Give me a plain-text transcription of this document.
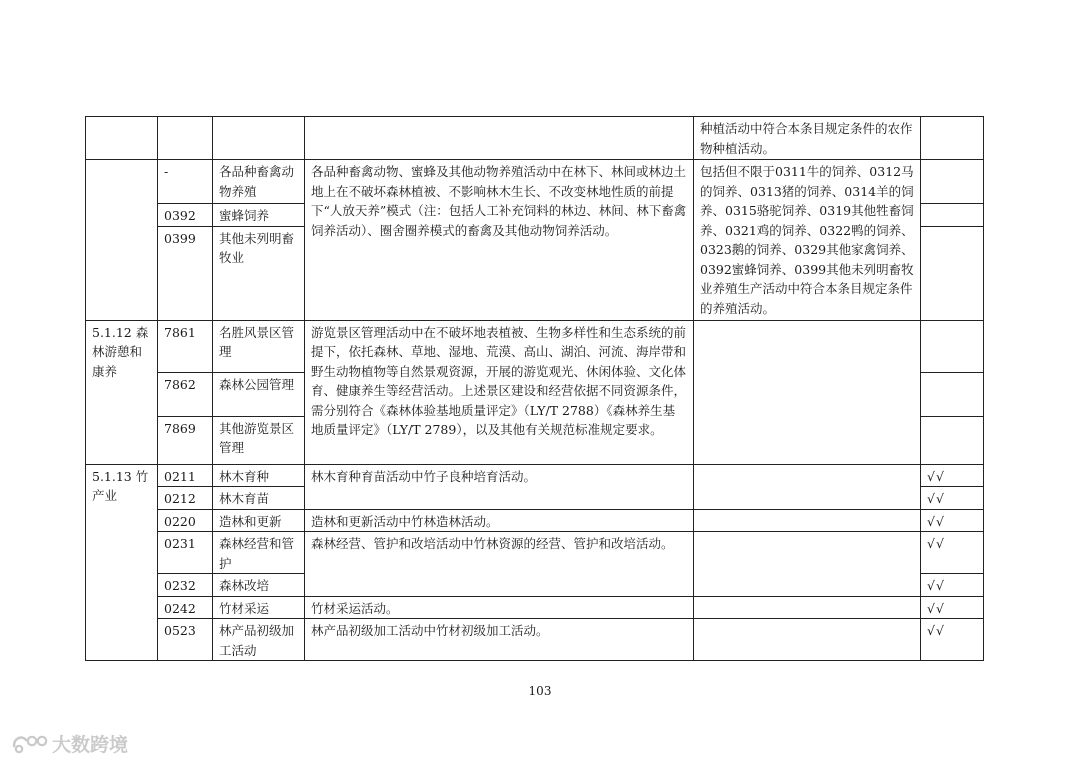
				种植活动中符合本条目规定条件的农作物种植活动。	
	-	各品种畜禽动物养殖	各品种畜禽动物、蜜蜂及其他动物养殖活动中在林下、林间或林边土地上在不破坏森林植被、不影响林木生长、不改变林地性质的前提下“人放天养”模式（注：包括人工补充饲料的林边、林间、林下畜禽饲养活动）、圈舍圈养模式的畜禽及其他动物饲养活动。	包括但不限于0311牛的饲养、0312马的饲养、0313猪的饲养、0314羊的饲养、0315骆驼饲养、0319其他牲畜饲养、0321鸡的饲养、0322鸭的饲养、0323鹅的饲养、0329其他家禽饲养、0392蜜蜂饲养、0399其他未列明畜牧业养殖生产活动中符合本条目规定条件的养殖活动。	
	0392	蜜蜂饲养			
	0399	其他未列明畜牧业			
5.1.12 森林游憩和康养	7861	名胜风景区管理	游览景区管理活动中在不破坏地表植被、生物多样性和生态系统的前提下，依托森林、草地、湿地、荒漠、高山、湖泊、河流、海岸带和野生动物植物等自然景观资源，开展的游览观光、休闲体验、文化体育、健康养生等经营活动。上述景区建设和经营依据不同资源条件，需分别符合《森林体验基地质量评定》（LY/T 2788）《森林养生基地质量评定》（LY/T 2789），以及其他有关规范标准规定要求。		
	7862	森林公园管理			
	7869	其他游览景区管理			
5.1.13 竹产业	0211	林木育种	林木育种育苗活动中竹子良种培育活动。		√√
	0212	林木育苗			√√
	0220	造林和更新	造林和更新活动中竹林造林活动。		√√
	0231	森林经营和管护	森林经营、管护和改培活动中竹林资源的经营、管护和改培活动。		√√
	0232	森林改培			√√
	0242	竹材采运	竹材采运活动。		√√
	0523	林产品初级加工活动	林产品初级加工活动中竹材初级加工活动。		√√
103
大数跨境
